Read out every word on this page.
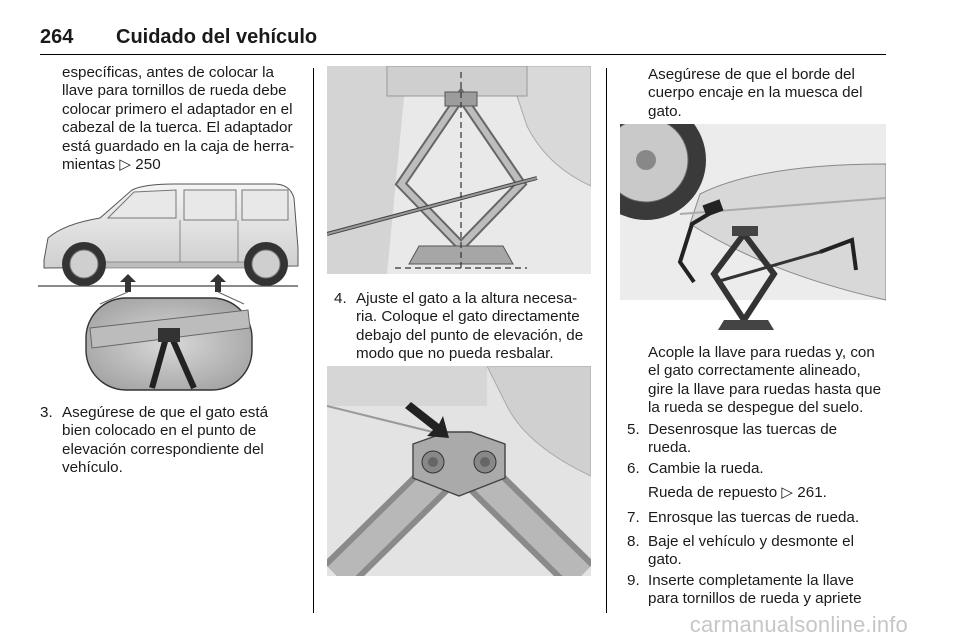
264 Cuidado del vehículo
específicas, antes de colocar la
llave para tornillos de rueda debe
colocar primero el adaptador en el
cabezal de la tuerca. El adaptador
está guardado en la caja de herra-
mientas ▷ 250
3. Asegúrese de que el gato está
bien colocado en el punto de
elevación correspondiente del
vehículo.
4. Ajuste el gato a la altura necesa-
ria. Coloque el gato directamente
debajo del punto de elevación, de
modo que no pueda resbalar.
Asegúrese de que el borde del
cuerpo encaje en la muesca del
gato.
Acople la llave para ruedas y, con
el gato correctamente alineado,
gire la llave para ruedas hasta que
la rueda se despegue del suelo.
5. Desenrosque las tuercas de
rueda.
6. Cambie la rueda.
Rueda de repuesto ▷ 261.
7. Enrosque las tuercas de rueda.
8. Baje el vehículo y desmonte el
gato.
9. Inserte completamente la llave
para tornillos de rueda y apriete
carmanualsonline.info
